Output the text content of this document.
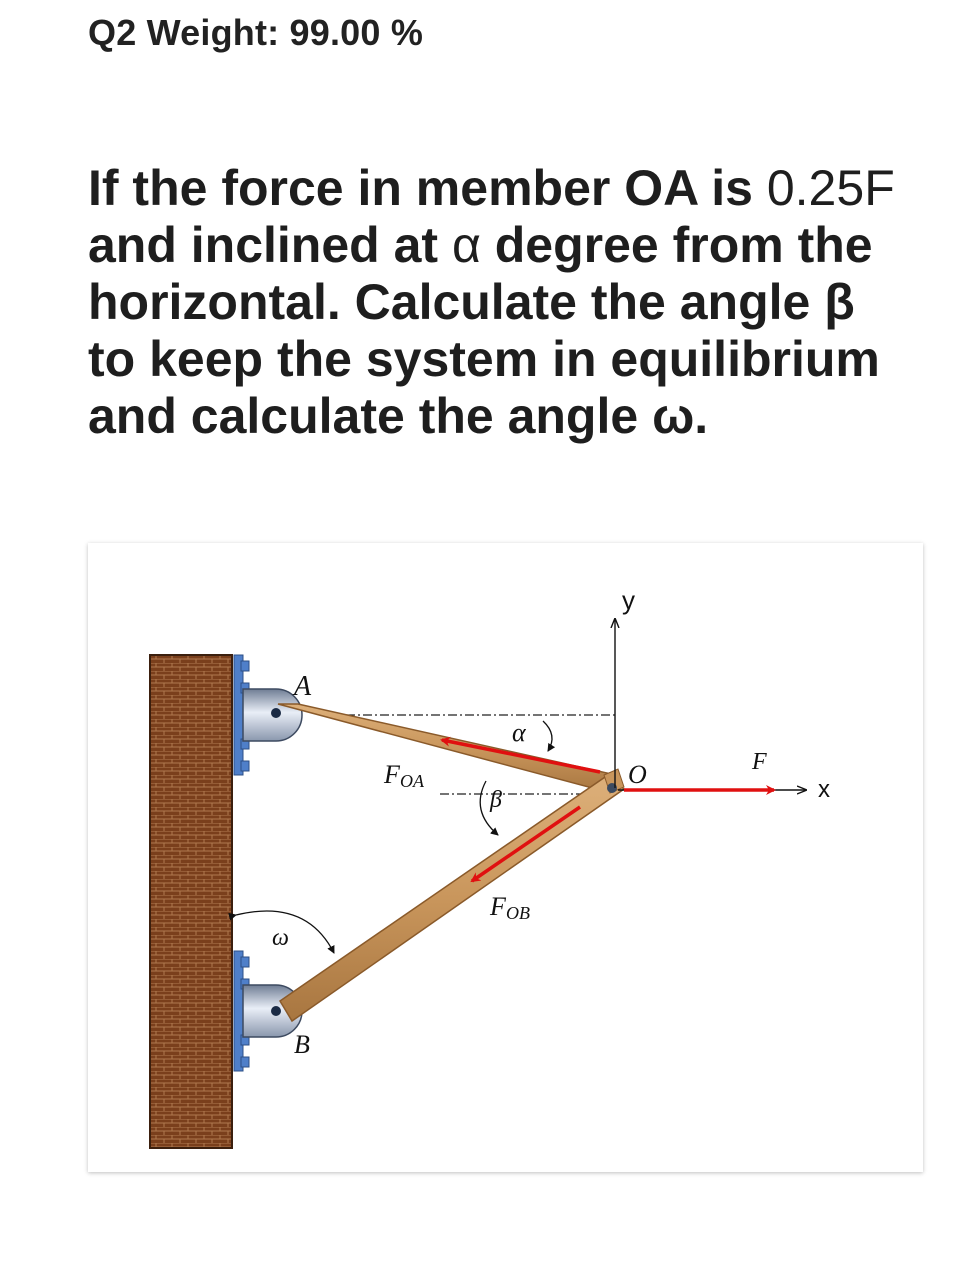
Q2 Weight: 99.00 %
If the force in member OA is 0.25F
and inclined at α degree from the
horizontal. Calculate the angle β
to keep the system in equilibrium
and calculate the angle ω.
A
B
O	F
x
y
α
β
ω
F OA
F OB
